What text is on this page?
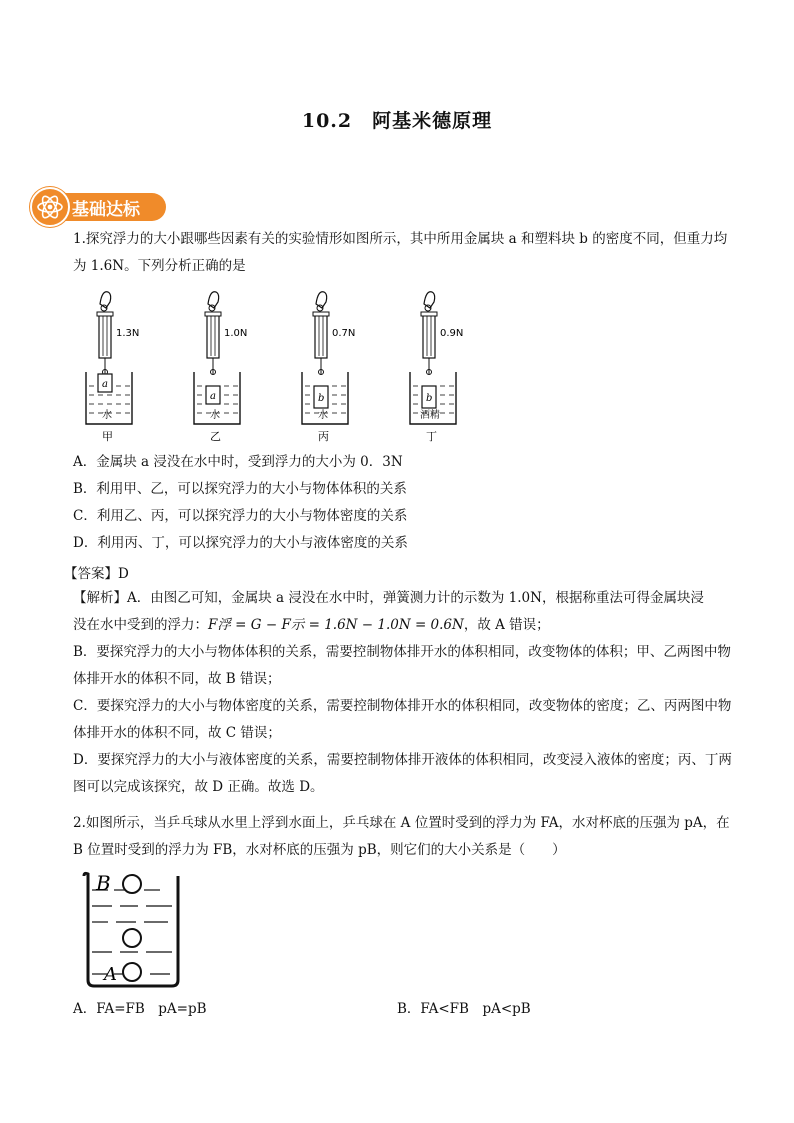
10.2　阿基米德原理
基础达标
1.探究浮力的大小跟哪些因素有关的实验情形如图所示，其中所用金属块 a 和塑料块 b 的密度不同，但重力均为 1.6N。下列分析正确的是
1.3N
a
水
甲
1.0N
a
水
乙
0.7N
b
水
丙
0.9N
b
酒精
丁
A．金属块 a 浸没在水中时，受到浮力的大小为 0．3N
B．利用甲、乙，可以探究浮力的大小与物体体积的关系
C．利用乙、丙，可以探究浮力的大小与物体密度的关系
D．利用丙、丁，可以探究浮力的大小与液体密度的关系
【答案】D
【解析】A．由图乙可知，金属块 a 浸没在水中时，弹簧测力计的示数为 1.0N，根据称重法可得金属块浸
没在水中受到的浮力：F浮 = G − F示 = 1.6N − 1.0N = 0.6N，故 A 错误；
B．要探究浮力的大小与物体体积的关系，需要控制物体排开水的体积相同，改变物体的体积；甲、乙两图中物体排开水的体积不同，故 B 错误；
C．要探究浮力的大小与物体密度的关系，需要控制物体排开水的体积相同，改变物体的密度；乙、丙两图中物体排开水的体积不同，故 C 错误；
D．要探究浮力的大小与液体密度的关系，需要控制物体排开液体的体积相同，改变浸入液体的密度；丙、丁两图可以完成该探究，故 D 正确。故选 D。
2.如图所示，当乒乓球从水里上浮到水面上，乒乓球在 A 位置时受到的浮力为 FA，水对杯底的压强为 pA，在 B 位置时受到的浮力为 FB，水对杯底的压强为 pB，则它们的大小关系是（　　）
B
A
A．FA=FB　pA=pB	B．FA<FB　pA<pB
